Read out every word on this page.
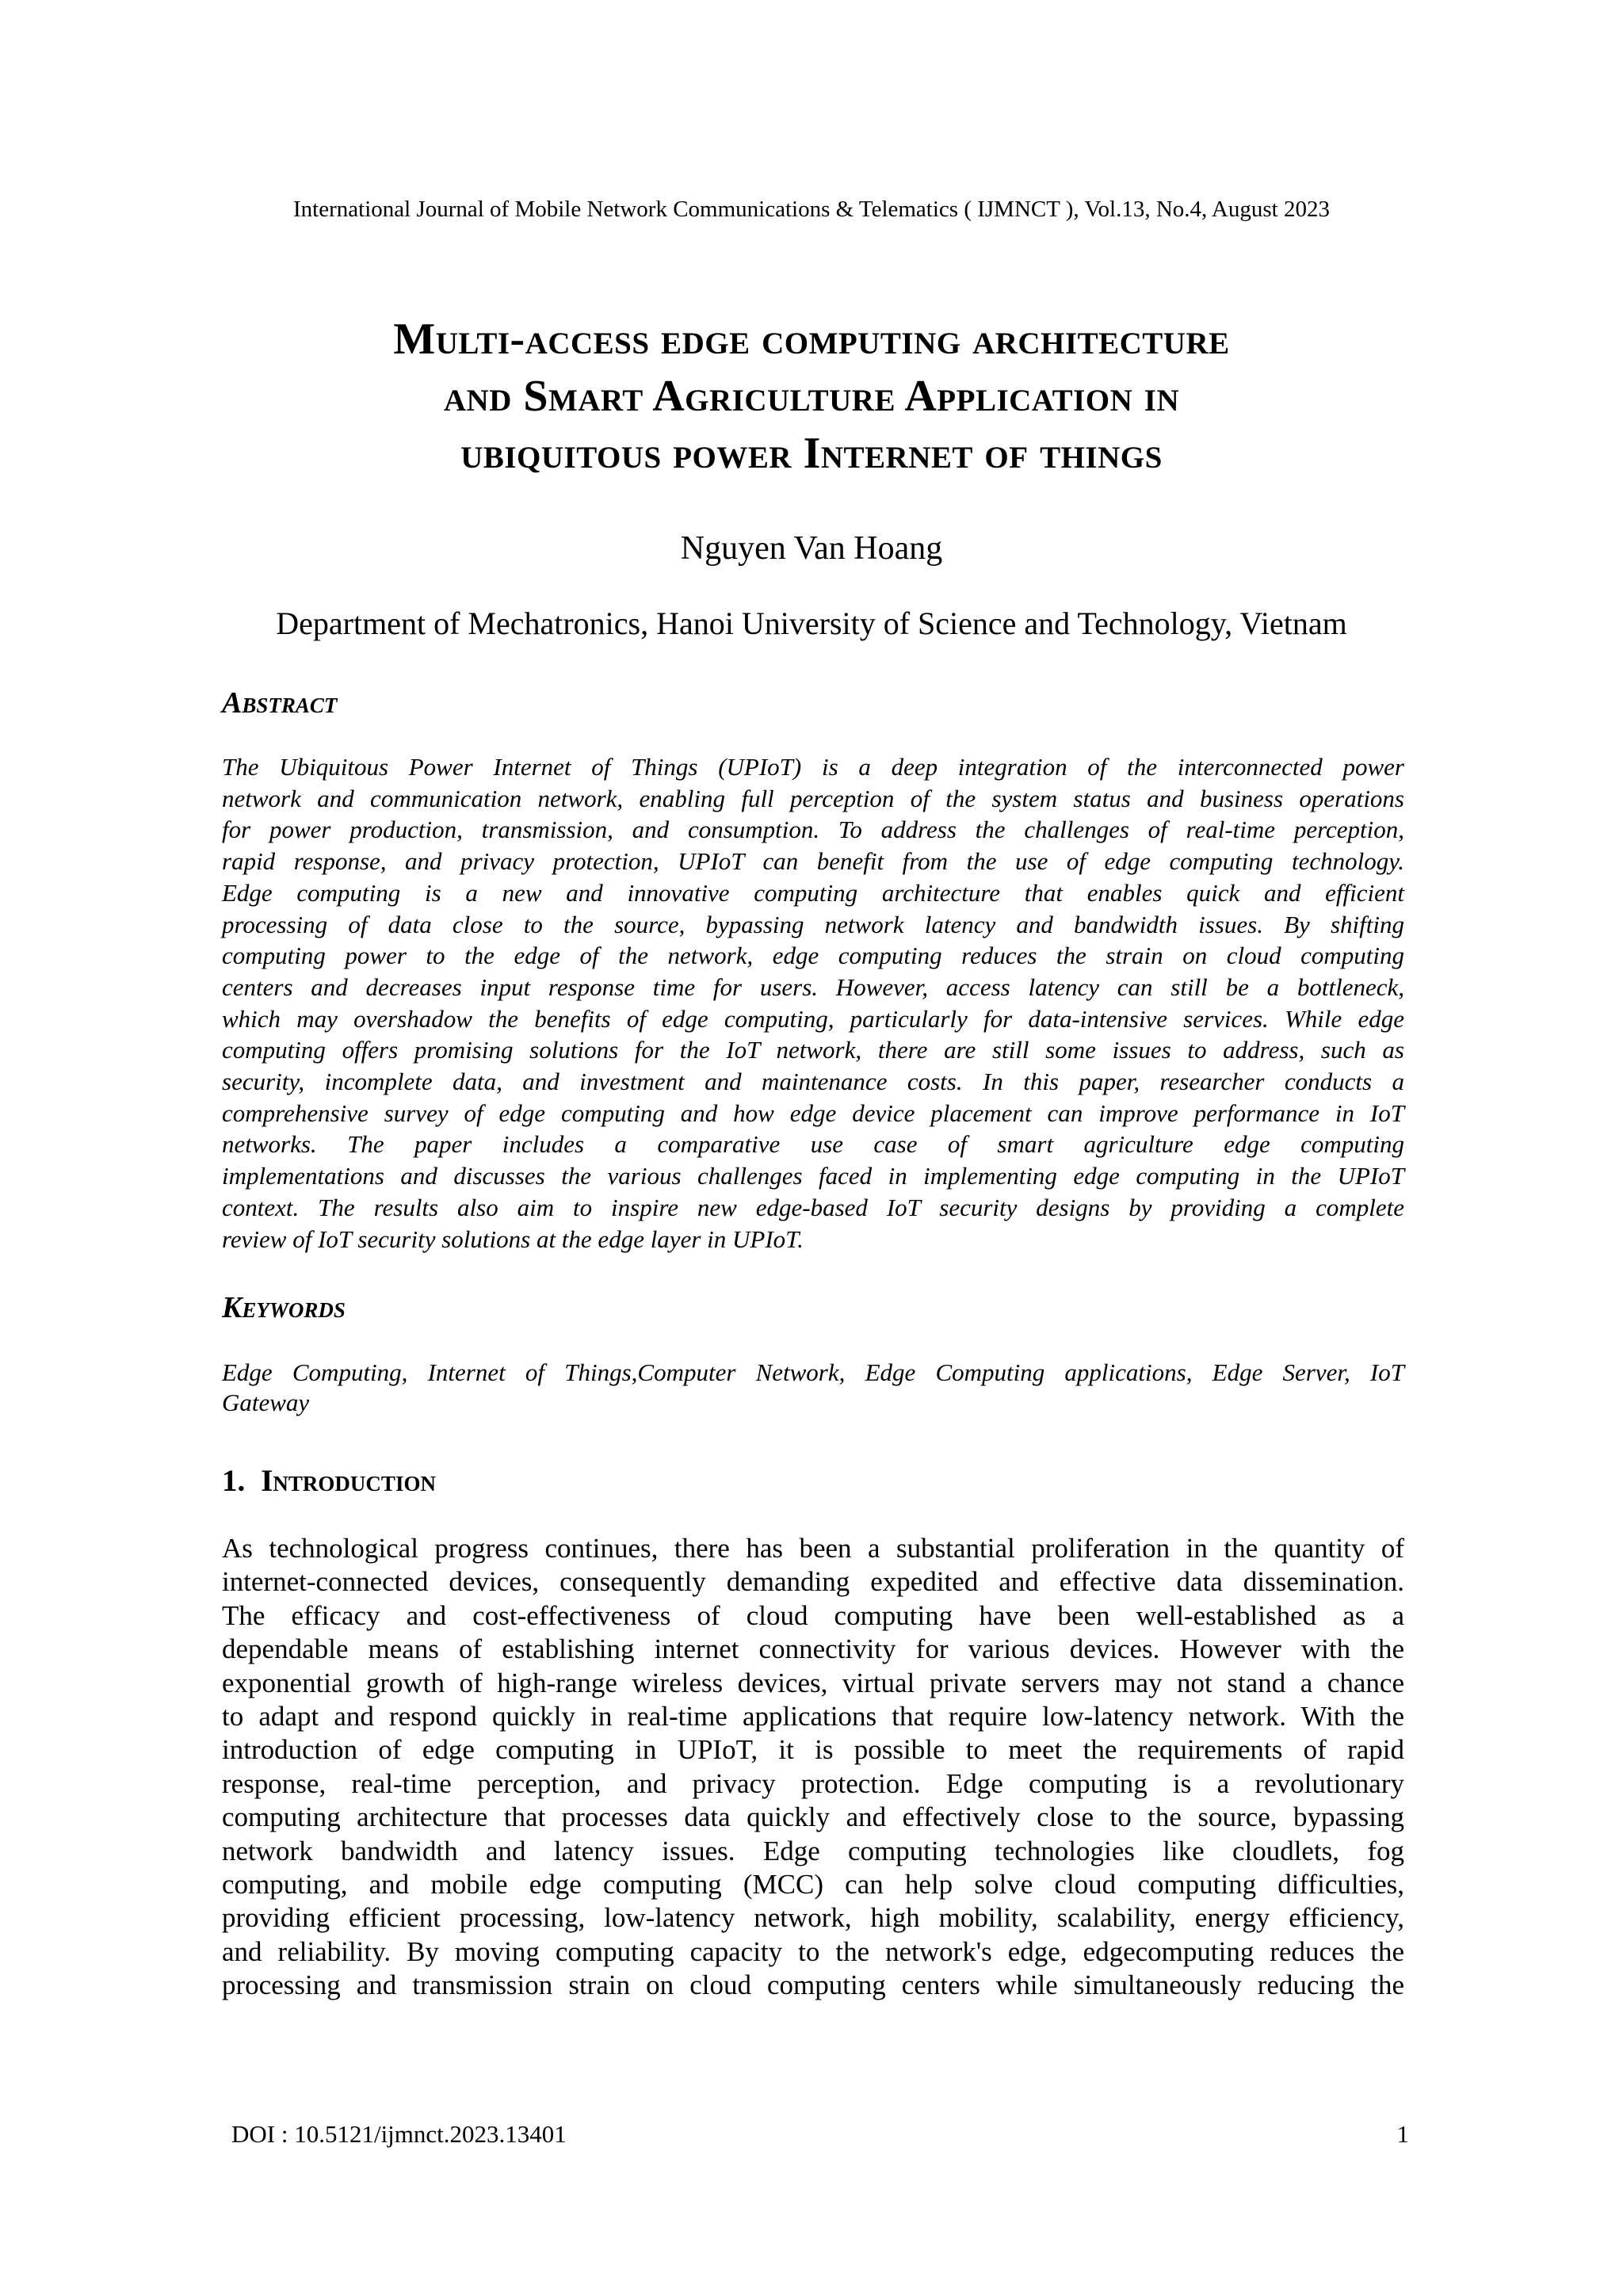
International Journal of Mobile Network Communications & Telematics ( IJMNCT ), Vol.13, No.4, August 2023
Multi-access edge computing architecture
and Smart Agriculture Application in
ubiquitous power Internet of things
Nguyen Van Hoang
Department of Mechatronics, Hanoi University of Science and Technology, Vietnam
Abstract
The Ubiquitous Power Internet of Things (UPIoT) is a deep integration of the interconnected power
network and communication network, enabling full perception of the system status and business operations
for power production, transmission, and consumption. To address the challenges of real-time perception,
rapid response, and privacy protection, UPIoT can benefit from the use of edge computing technology.
Edge computing is a new and innovative computing architecture that enables quick and efficient
processing of data close to the source, bypassing network latency and bandwidth issues. By shifting
computing power to the edge of the network, edge computing reduces the strain on cloud computing
centers and decreases input response time for users. However, access latency can still be a bottleneck,
which may overshadow the benefits of edge computing, particularly for data-intensive services. While edge
computing offers promising solutions for the IoT network, there are still some issues to address, such as
security, incomplete data, and investment and maintenance costs. In this paper, researcher conducts a
comprehensive survey of edge computing and how edge device placement can improve performance in IoT
networks. The paper includes a comparative use case of smart agriculture edge computing
implementations and discusses the various challenges faced in implementing edge computing in the UPIoT
context. The results also aim to inspire new edge-based IoT security designs by providing a complete
review of IoT security solutions at the edge layer in UPIoT.
Keywords
Edge Computing, Internet of Things,Computer Network, Edge Computing applications, Edge Server, IoT
Gateway
1. Introduction
As technological progress continues, there has been a substantial proliferation in the quantity of
internet-connected devices, consequently demanding expedited and effective data dissemination.
The efficacy and cost-effectiveness of cloud computing have been well-established as a
dependable means of establishing internet connectivity for various devices. However with the
exponential growth of high-range wireless devices, virtual private servers may not stand a chance
to adapt and respond quickly in real-time applications that require low-latency network. With the
introduction of edge computing in UPIoT, it is possible to meet the requirements of rapid
response, real-time perception, and privacy protection. Edge computing is a revolutionary
computing architecture that processes data quickly and effectively close to the source, bypassing
network bandwidth and latency issues. Edge computing technologies like cloudlets, fog
computing, and mobile edge computing (MCC) can help solve cloud computing difficulties,
providing efficient processing, low-latency network, high mobility, scalability, energy efficiency,
and reliability. By moving computing capacity to the network's edge, edgecomputing reduces the
processing and transmission strain on cloud computing centers while simultaneously reducing the
DOI : 10.5121/ijmnct.2023.13401	1
